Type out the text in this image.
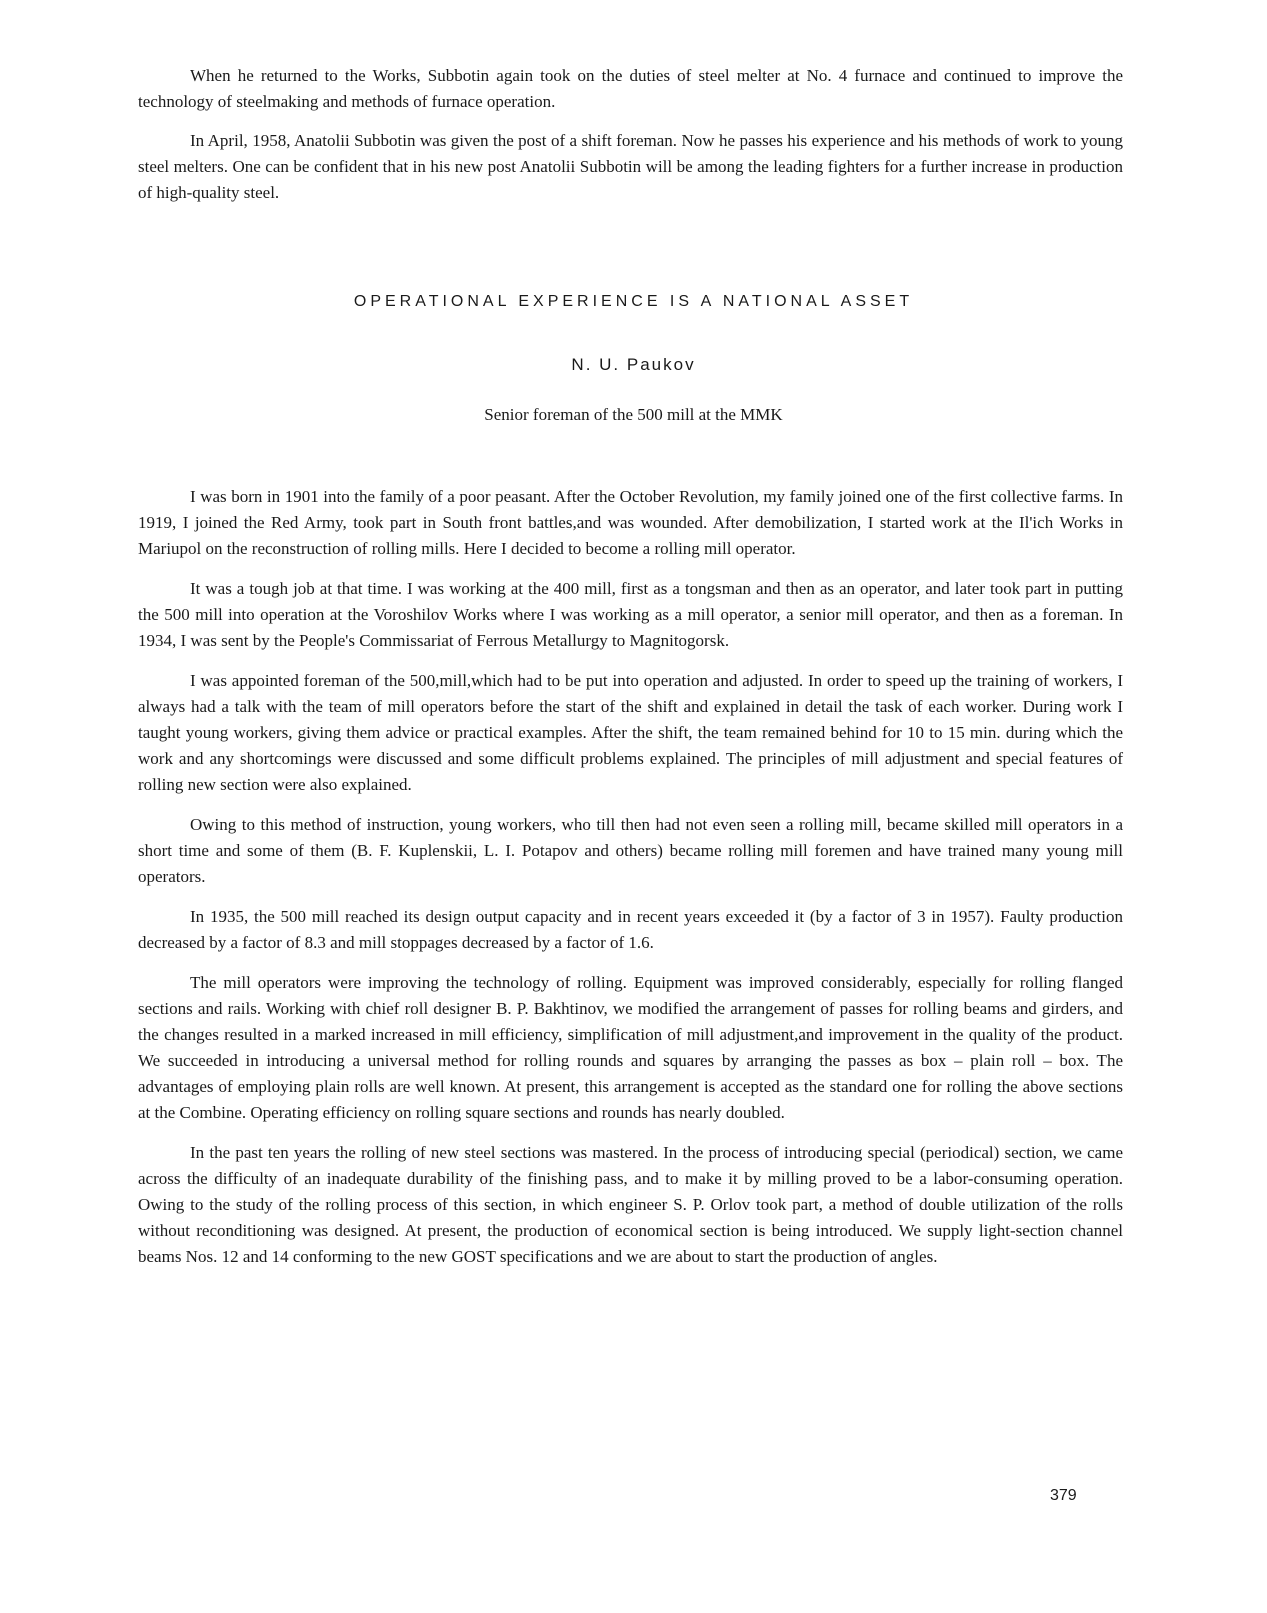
When he returned to the Works, Subbotin again took on the duties of steel melter at No. 4 furnace and continued to improve the technology of steelmaking and methods of furnace operation.

In April, 1958, Anatolii Subbotin was given the post of a shift foreman. Now he passes his experience and his methods of work to young steel melters. One can be confident that in his new post Anatolii Subbotin will be among the leading fighters for a further increase in production of high-quality steel.

OPERATIONAL EXPERIENCE IS A NATIONAL ASSET
N. U. Paukov
Senior foreman of the 500 mill at the MMK

I was born in 1901 into the family of a poor peasant. After the October Revolution, my family joined one of the first collective farms. In 1919, I joined the Red Army, took part in South front battles,and was wounded. After demobilization, I started work at the Il'ich Works in Mariupol on the reconstruction of rolling mills. Here I decided to become a rolling mill operator.

It was a tough job at that time. I was working at the 400 mill, first as a tongsman and then as an operator, and later took part in putting the 500 mill into operation at the Voroshilov Works where I was working as a mill operator, a senior mill operator, and then as a foreman. In 1934, I was sent by the People's Commissariat of Ferrous Metallurgy to Magnitogorsk.

I was appointed foreman of the 500,mill,which had to be put into operation and adjusted. In order to speed up the training of workers, I always had a talk with the team of mill operators before the start of the shift and explained in detail the task of each worker. During work I taught young workers, giving them advice or practical examples. After the shift, the team remained behind for 10 to 15 min. during which the work and any shortcomings were discussed and some difficult problems explained. The principles of mill adjustment and special features of rolling new section were also explained.

Owing to this method of instruction, young workers, who till then had not even seen a rolling mill, became skilled mill operators in a short time and some of them (B. F. Kuplenskii, L. I. Potapov and others) became rolling mill foremen and have trained many young mill operators.

In 1935, the 500 mill reached its design output capacity and in recent years exceeded it (by a factor of 3 in 1957). Faulty production decreased by a factor of 8.3 and mill stoppages decreased by a factor of 1.6.

The mill operators were improving the technology of rolling. Equipment was improved considerably, especially for rolling flanged sections and rails. Working with chief roll designer B. P. Bakhtinov, we modified the arrangement of passes for rolling beams and girders, and the changes resulted in a marked increased in mill efficiency, simplification of mill adjustment,and improvement in the quality of the product. We succeeded in introducing a universal method for rolling rounds and squares by arranging the passes as box – plain roll – box. The advantages of employing plain rolls are well known. At present, this arrangement is accepted as the standard one for rolling the above sections at the Combine. Operating efficiency on rolling square sections and rounds has nearly doubled.

In the past ten years the rolling of new steel sections was mastered. In the process of introducing special (periodical) section, we came across the difficulty of an inadequate durability of the finishing pass, and to make it by milling proved to be a labor-consuming operation. Owing to the study of the rolling process of this section, in which engineer S. P. Orlov took part, a method of double utilization of the rolls without reconditioning was designed. At present, the production of economical section is being introduced. We supply light-section channel beams Nos. 12 and 14 conforming to the new GOST specifications and we are about to start the production of angles.

379
